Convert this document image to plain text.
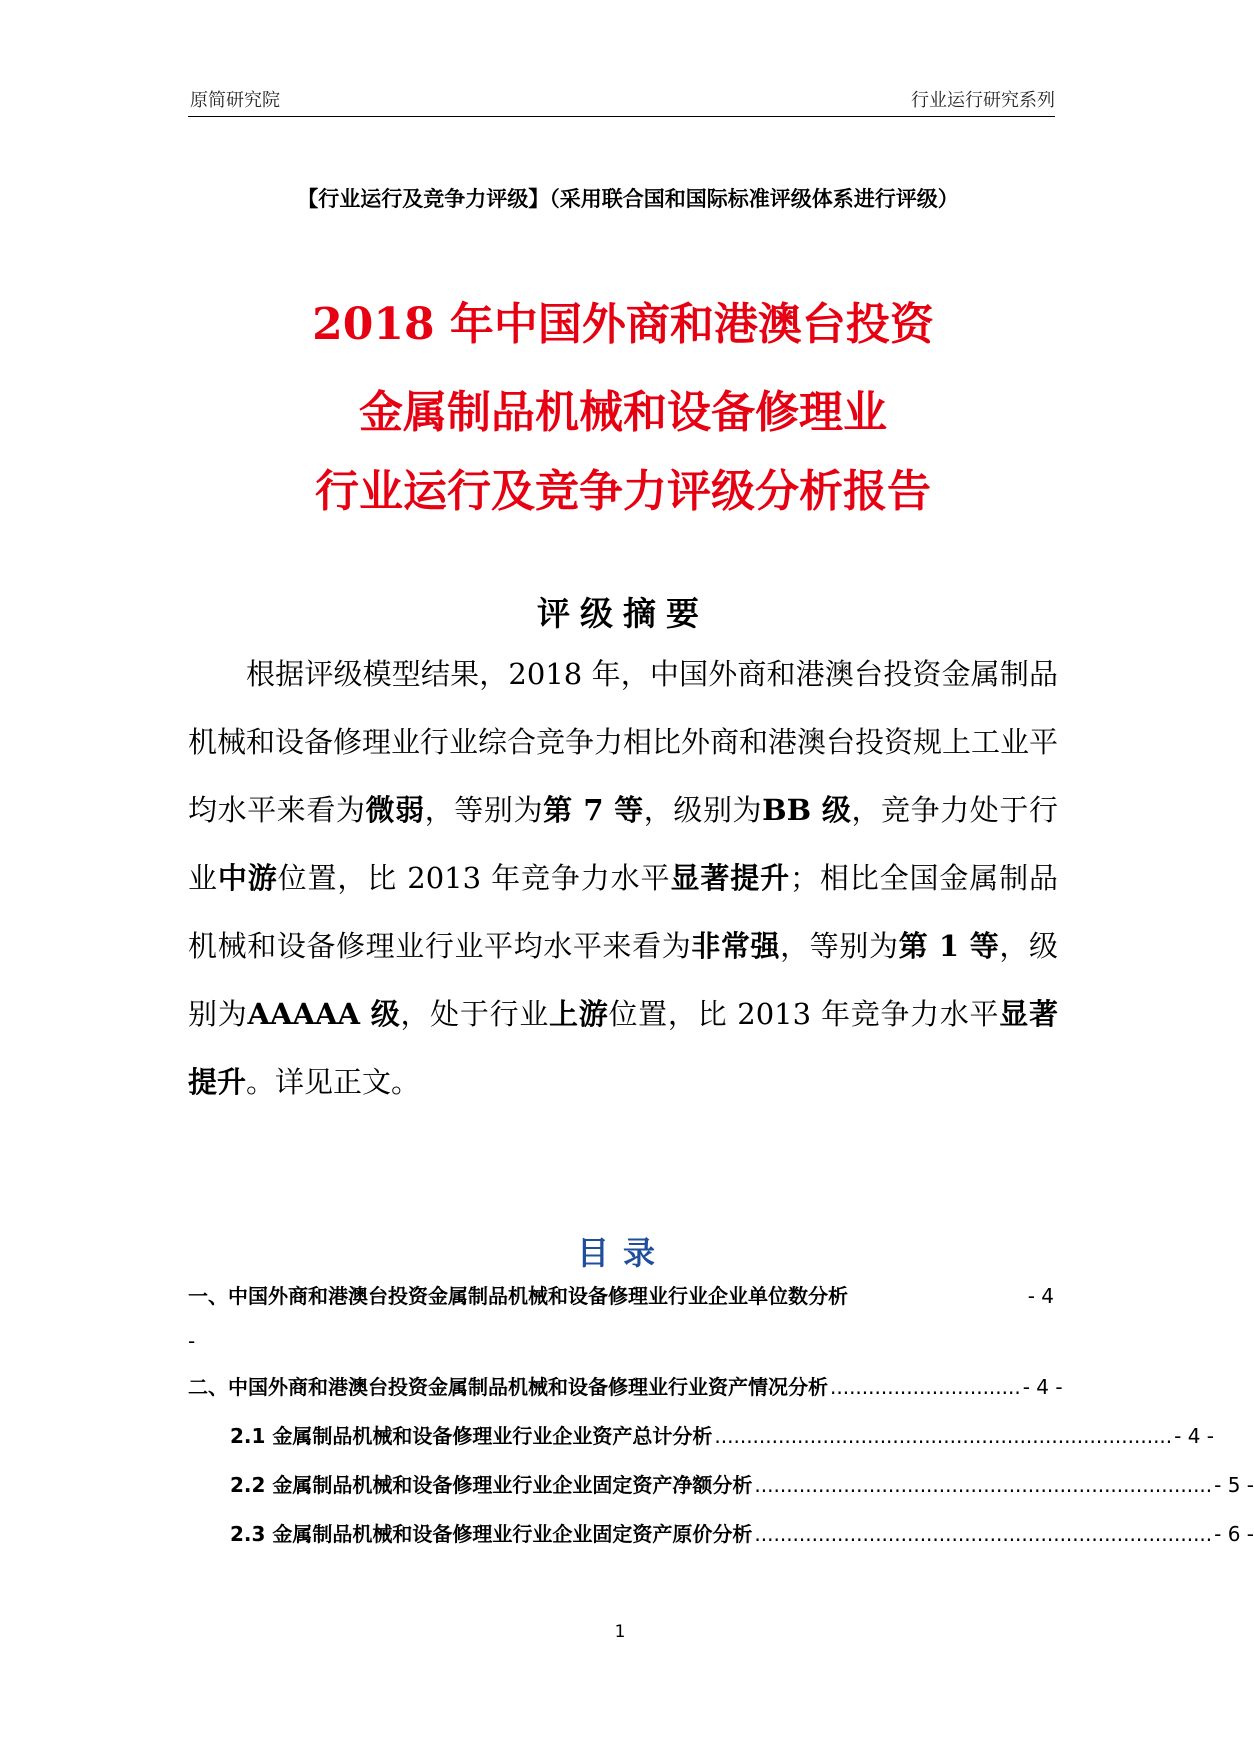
原简研究院	行业运行研究系列
【行业运行及竞争力评级】（采用联合国和国际标准评级体系进行评级）
2018 年中国外商和港澳台投资
金属制品机械和设备修理业
行业运行及竞争力评级分析报告
评级摘要
根据评级模型结果，2018 年，中国外商和港澳台投资金属制品机械和设备修理业行业综合竞争力相比外商和港澳台投资规上工业平均水平来看为微弱，等别为第 7 等，级别为BB 级，竞争力处于行业中游位置，比 2013 年竞争力水平显著提升；相比全国金属制品机械和设备修理业行业平均水平来看为非常强，等别为第 1 等，级别为AAAAA 级，处于行业上游位置，比 2013 年竞争力水平显著提升。详见正文。
目录
一、中国外商和港澳台投资金属制品机械和设备修理业行业企业单位数分析	- 4
-
二、中国外商和港澳台投资金属制品机械和设备修理业行业资产情况分析 .............................. - 4 -
2.1 金属制品机械和设备修理业行业企业资产总计分析 ........................................................................ - 4 -
2.2 金属制品机械和设备修理业行业企业固定资产净额分析 ........................................................................ - 5 -
2.3 金属制品机械和设备修理业行业企业固定资产原价分析 ........................................................................ - 6 -
1
